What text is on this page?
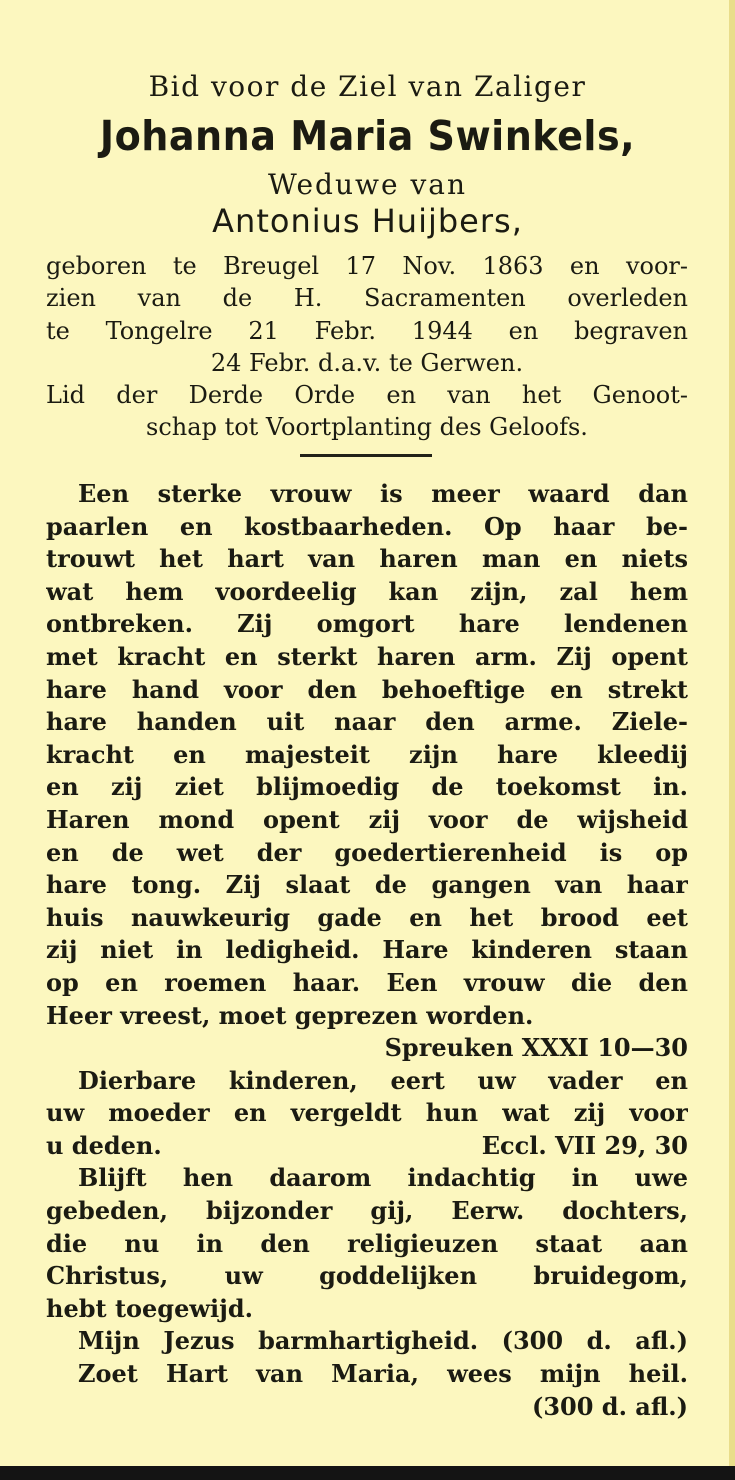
Bid voor de Ziel van Zaliger
Johanna Maria Swinkels,
Weduwe van
Antonius Huijbers,
geboren te Breugel 17 Nov. 1863 en voor-
zien van de H. Sacramenten overleden
te Tongelre 21 Febr. 1944 en begraven
24 Febr. d.a.v. te Gerwen.
Lid der Derde Orde en van het Genoot-
schap tot Voortplanting des Geloofs.
Een sterke vrouw is meer waard dan
paarlen en kostbaarheden. Op haar be-
trouwt het hart van haren man en niets
wat hem voordeelig kan zijn, zal hem
ontbreken. Zij omgort hare lendenen
met kracht en sterkt haren arm. Zij opent
hare hand voor den behoeftige en strekt
hare handen uit naar den arme. Ziele-
kracht en majesteit zijn hare kleedij
en zij ziet blijmoedig de toekomst in.
Haren mond opent zij voor de wijsheid
en de wet der goedertierenheid is op
hare tong. Zij slaat de gangen van haar
huis nauwkeurig gade en het brood eet
zij niet in ledigheid. Hare kinderen staan
op en roemen haar. Een vrouw die den
Heer vreest, moet geprezen worden.
Spreuken XXXI 10—30
Dierbare kinderen, eert uw vader en
uw moeder en vergeldt hun wat zij voor
u deden.	Eccl. VII 29, 30
Blijft hen daarom indachtig in uwe
gebeden, bijzonder gij, Eerw. dochters,
die nu in den religieuzen staat aan
Christus, uw goddelijken bruidegom,
hebt toegewijd.
Mijn Jezus barmhartigheid. (300 d. afl.)
Zoet Hart van Maria, wees mijn heil.
(300 d. afl.)
